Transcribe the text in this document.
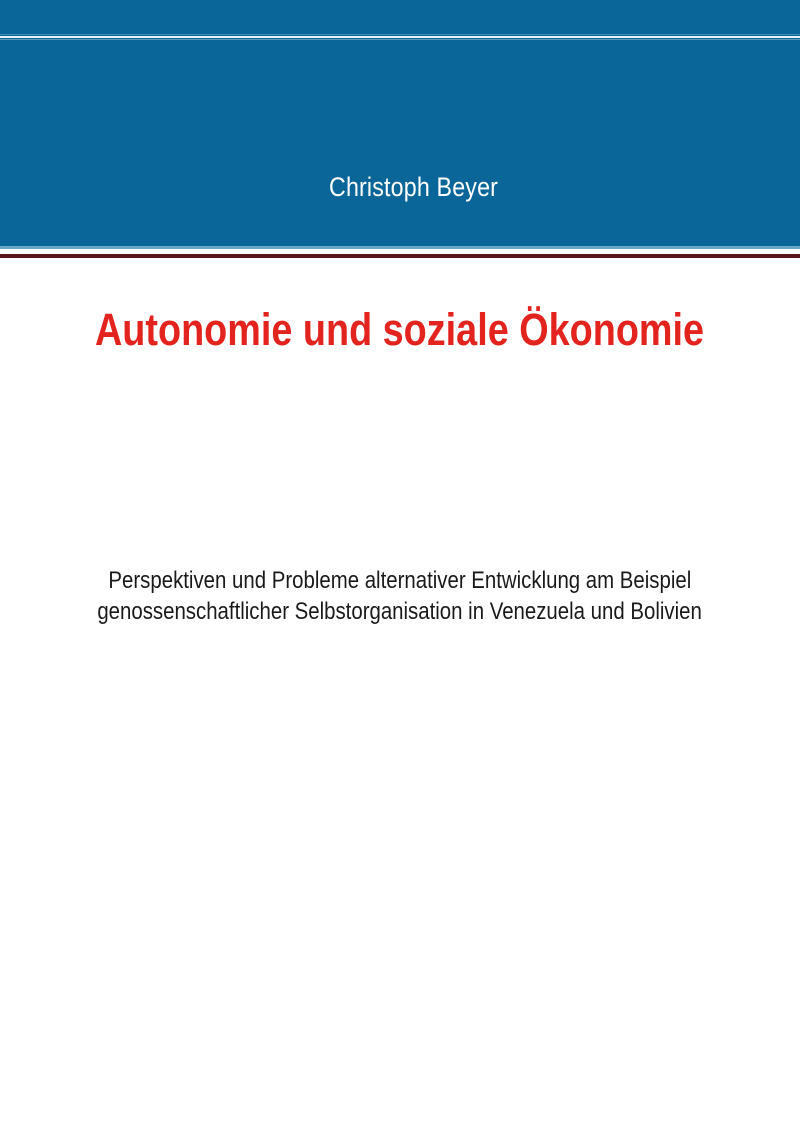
Christoph Beyer
Autonomie und soziale Ökonomie
Perspektiven und Probleme alternativer Entwicklung am Beispiel
genossenschaftlicher Selbstorganisation in Venezuela und Bolivien
